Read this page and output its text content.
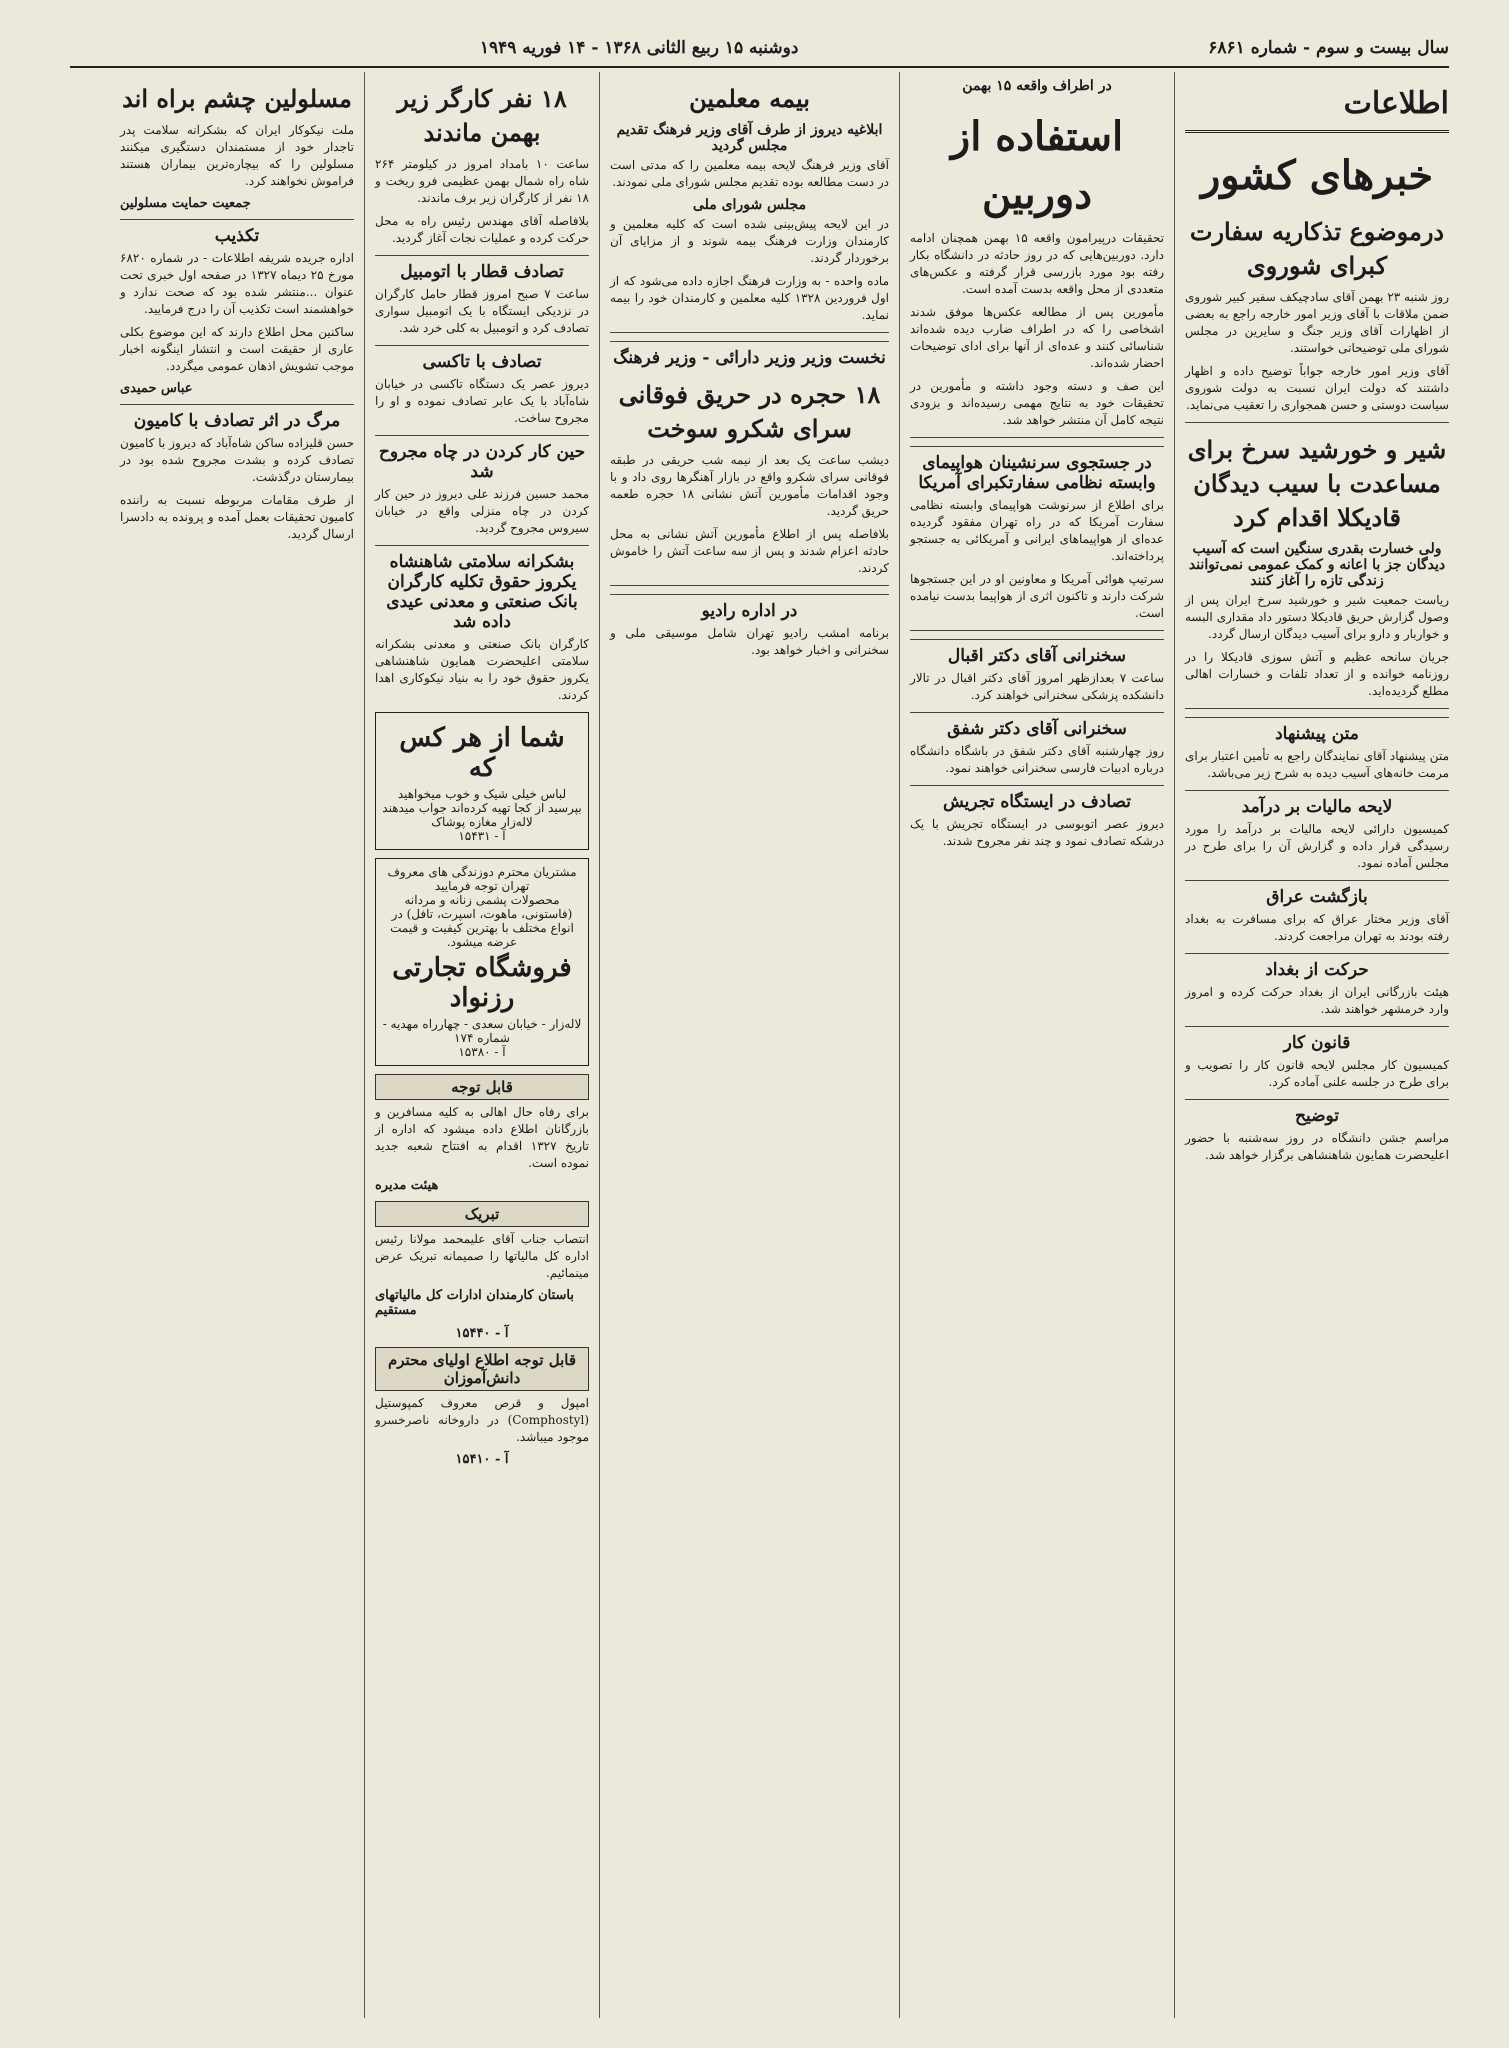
سال بیست و سوم - شماره ۶۸۶۱
دوشنبه ۱۵ ربیع الثانی ۱۳۶۸ - ۱۴ فوریه ۱۹۴۹
اطلاعات
خبرهای کشور
درموضوع تذکاریه سفارت کبرای شوروی

روز شنبه ۲۳ بهمن آقای سادچیکف سفیر کبیر شوروی ضمن ملاقات با آقای وزیر امور خارجه راجع به بعضی از اظهارات آقای وزیر جنگ و سایرین در مجلس شورای ملی توضیحاتی خواستند.

آقای وزیر امور خارجه جواباً توضیح داده و اظهار داشتند که دولت ایران نسبت به دولت شوروی سیاست دوستی و حسن همجواری را تعقیب می‌نماید.

شیر و خورشید سرخ برای مساعدت با سیب دیدگان قادیکلا اقدام کرد
ولی خسارت بقدری سنگین است که آسیب دیدگان جز با اعانه و کمک عمومی نمی‌توانند زندگی تازه را آغاز کنند

ریاست جمعیت شیر و خورشید سرخ ایران پس از وصول گزارش حریق قادیکلا دستور داد مقداری البسه و خواربار و دارو برای آسیب دیدگان ارسال گردد.

جریان سانحه عظیم و آتش سوزی قادیکلا را در روزنامه خوانده و از تعداد تلفات و خسارات اهالی مطلع گردیده‌اید.

متن پیشنهاد

متن پیشنهاد آقای نمایندگان راجع به تأمین اعتبار برای مرمت خانه‌های آسیب دیده به شرح زیر می‌باشد.

لایحه مالیات بر درآمد

کمیسیون دارائی لایحه مالیات بر درآمد را مورد رسیدگی قرار داده و گزارش آن را برای طرح در مجلس آماده نمود.

بازگشت عراق

آقای وزیر مختار عراق که برای مسافرت به بغداد رفته بودند به تهران مراجعت کردند.

حرکت از بغداد

هیئت بازرگانی ایران از بغداد حرکت کرده و امروز وارد خرمشهر خواهند شد.

قانون کار

کمیسیون کار مجلس لایحه قانون کار را تصویب و برای طرح در جلسه علنی آماده کرد.

توضیح

مراسم جشن دانشگاه در روز سه‌شنبه با حضور اعلیحضرت همایون شاهنشاهی برگزار خواهد شد.

در اطراف واقعه ۱۵ بهمن
استفاده از دوربین

تحقیقات درپیرامون واقعه ۱۵ بهمن همچنان ادامه دارد. دوربین‌هایی که در روز حادثه در دانشگاه بکار رفته بود مورد بازرسی قرار گرفته و عکس‌های متعددی از محل واقعه بدست آمده است.

مأمورین پس از مطالعه عکس‌ها موفق شدند اشخاصی را که در اطراف ضارب دیده شده‌اند شناسائی کنند و عده‌ای از آنها برای ادای توضیحات احضار شده‌اند.

این صف و دسته وجود داشته و مأمورین در تحقیقات خود به نتایج مهمی رسیده‌اند و بزودی نتیجه کامل آن منتشر خواهد شد.

در جستجوی سرنشینان هواپیمای وابسته نظامی سفارتکبرای آمریکا

برای اطلاع از سرنوشت هواپیمای وابسته نظامی سفارت آمریکا که در راه تهران مفقود گردیده عده‌ای از هواپیماهای ایرانی و آمریکائی به جستجو پرداخته‌اند.

سرتیپ هوائی آمریکا و معاونین او در این جستجوها شرکت دارند و تاکنون اثری از هواپیما بدست نیامده است.

سخنرانی آقای دکتر اقبال

ساعت ۷ بعدازظهر امروز آقای دکتر اقبال در تالار دانشکده پزشکی سخنرانی خواهند کرد.

سخنرانی آقای دکتر شفق

روز چهارشنبه آقای دکتر شفق در باشگاه دانشگاه درباره ادبیات فارسی سخنرانی خواهند نمود.

تصادف در ایستگاه تجریش

دیروز عصر اتوبوسی در ایستگاه تجریش با یک درشکه تصادف نمود و چند نفر مجروح شدند.

بیمه معلمین
ابلاغیه دیروز از طرف آقای وزیر فرهنگ تقدیم مجلس گردید

آقای وزیر فرهنگ لایحه بیمه معلمین را که مدتی است در دست مطالعه بوده تقدیم مجلس شورای ملی نمودند.

مجلس شورای ملی

در این لایحه پیش‌بینی شده است که کلیه معلمین و کارمندان وزارت فرهنگ بیمه شوند و از مزایای آن برخوردار گردند.

ماده واحده - به وزارت فرهنگ اجازه داده می‌شود که از اول فروردین ۱۳۲۸ کلیه معلمین و کارمندان خود را بیمه نماید.

نخست وزیر وزیر دارائی - وزیر فرهنگ
۱۸ حجره در حریق فوقانی سرای شکرو سوخت

دیشب ساعت یک بعد از نیمه شب حریقی در طبقه فوقانی سرای شکرو واقع در بازار آهنگرها روی داد و با وجود اقدامات مأمورین آتش نشانی ۱۸ حجره طعمه حریق گردید.

بلافاصله پس از اطلاع مأمورین آتش نشانی به محل حادثه اعزام شدند و پس از سه ساعت آتش را خاموش کردند.

در اداره رادیو

برنامه امشب رادیو تهران شامل موسیقی ملی و سخنرانی و اخبار خواهد بود.

۱۸ نفر کارگر زیر بهمن ماندند

ساعت ۱۰ بامداد امروز در کیلومتر ۲۶۴ شاه راه شمال بهمن عظیمی فرو ریخت و ۱۸ نفر از کارگران زیر برف ماندند.

بلافاصله آقای مهندس رئیس راه به محل حرکت کرده و عملیات نجات آغاز گردید.

تصادف قطار با اتومبیل

ساعت ۷ صبح امروز قطار حامل کارگران در نزدیکی ایستگاه با یک اتومبیل سواری تصادف کرد و اتومبیل به کلی خرد شد.

تصادف با تاکسی

دیروز عصر یک دستگاه تاکسی در خیابان شاه‌آباد با یک عابر تصادف نموده و او را مجروح ساخت.

حین کار کردن در چاه مجروح شد

محمد حسین فرزند علی دیروز در حین کار کردن در چاه منزلی واقع در خیابان سیروس مجروح گردید.

بشکرانه سلامتی شاهنشاه یکروز حقوق تکلیه کارگران بانک صنعتی و معدنی عیدی داده شد

کارگران بانک صنعتی و معدنی بشکرانه سلامتی اعلیحضرت همایون شاهنشاهی یکروز حقوق خود را به بنیاد نیکوکاری اهدا کردند.

شما از هر کس که
لباس خیلی شیک و خوب میخواهید بپرسید از کجا تهیه کرده‌اند جواب میدهند لاله‌زار مغازه پوشاک
آ - ۱۵۴۳۱
مشتریان محترم دوزندگی های معروف تهران توجه فرمایید
محصولات پشمی زنانه و مردانه (فاستونی، ماهوت، اسپرت، تافل) در انواع مختلف با بهترین کیفیت و قیمت عرضه میشود.
فروشگاه تجارتی رزنواد
لاله‌زار - خیابان سعدی - چهارراه مهدیه - شماره ۱۷۴
آ - ۱۵۳۸۰
قابل توجه

برای رفاه حال اهالی به کلیه مسافرین و بازرگانان اطلاع داده میشود که اداره از تاریخ ۱۳۲۷ اقدام به افتتاح شعبه جدید نموده است.

هیئت مدیره
تبریک

انتصاب جناب آقای علیمحمد مولانا رئیس اداره کل مالیاتها را صمیمانه تبریک عرض مینمائیم.

باستان کارمندان ادارات کل مالیاتهای مستقیم
آ - ۱۵۴۴۰
قابل توجه اطلاع اولیای محترم دانش‌آموزان

امپول و قرص معروف کمپوستیل (Comphostyl) در داروخانه ناصرخسرو موجود میباشد.

آ - ۱۵۴۱۰
مسلولین چشم براه اند

ملت نیکوکار ایران که بشکرانه سلامت پدر تاجدار خود از مستمندان دستگیری میکنند مسلولین را که بیچاره‌ترین بیماران هستند فراموش نخواهند کرد.

جمعیت حمایت مسلولین
تکذیب

اداره جریده شریفه اطلاعات - در شماره ۶۸۲۰ مورخ ۲۵ دیماه ۱۳۲۷ در صفحه اول خبری تحت عنوان ...منتشر شده بود که صحت ندارد و خواهشمند است تکذیب آن را درج فرمایید.

ساکنین محل اطلاع دارند که این موضوع بکلی عاری از حقیقت است و انتشار اینگونه اخبار موجب تشویش اذهان عمومی میگردد.

عباس حمیدی
مرگ در اثر تصادف با کامیون

حسن قلیزاده ساکن شاه‌آباد که دیروز با کامیون تصادف کرده و بشدت مجروح شده بود در بیمارستان درگذشت.

از طرف مقامات مربوطه نسبت به راننده کامیون تحقیقات بعمل آمده و پرونده به دادسرا ارسال گردید.
